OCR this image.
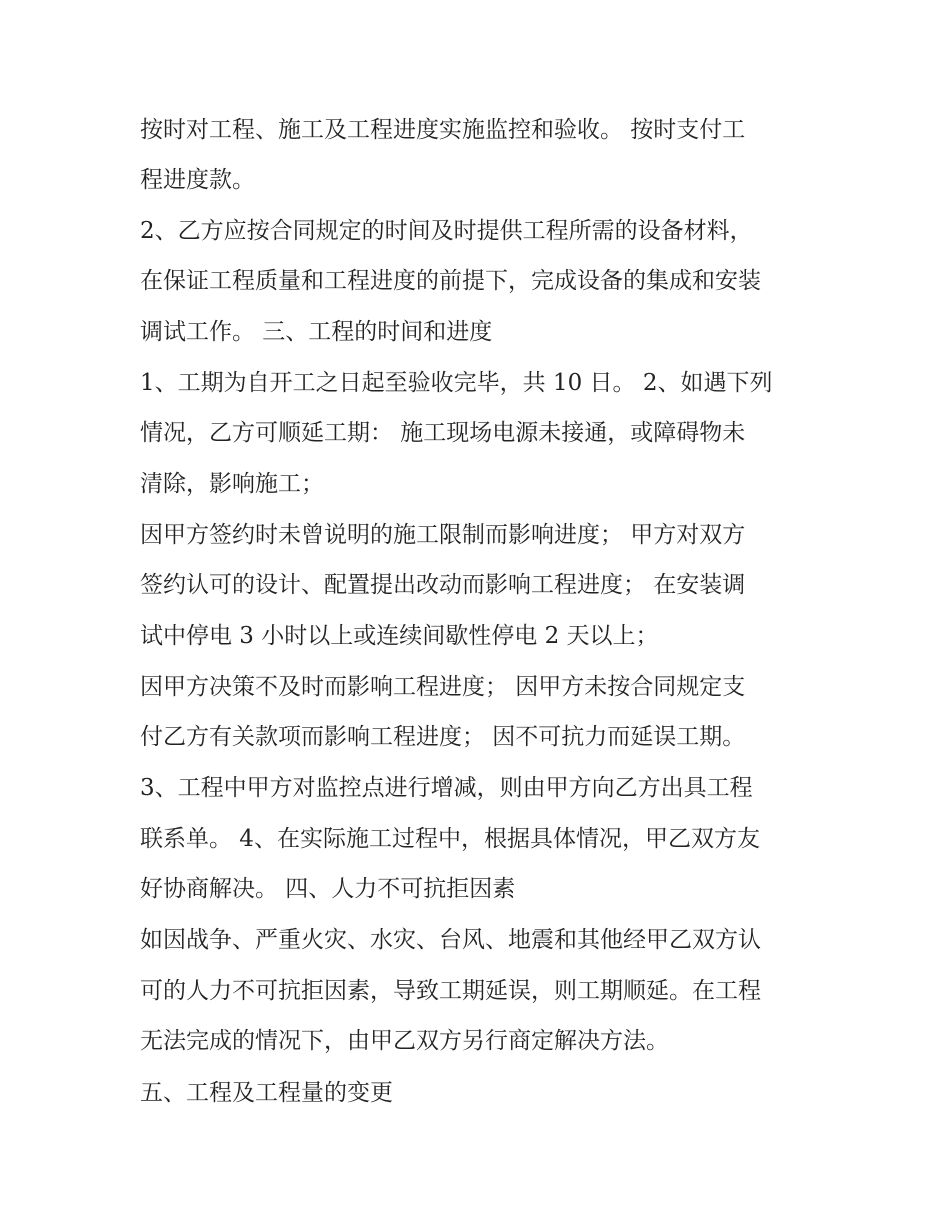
按时对工程、施工及工程进度实施监控和验收。 按时支付工
程进度款。
2、乙方应按合同规定的时间及时提供工程所需的设备材料，
在保证工程质量和工程进度的前提下，完成设备的集成和安装
调试工作。 三、工程的时间和进度
1、工期为自开工之日起至验收完毕，共 10 日。 2、如遇下列
情况，乙方可顺延工期： 施工现场电源未接通，或障碍物未
清除，影响施工；
因甲方签约时未曾说明的施工限制而影响进度； 甲方对双方
签约认可的设计、配置提出改动而影响工程进度； 在安装调
试中停电 3 小时以上或连续间歇性停电 2 天以上；
因甲方决策不及时而影响工程进度； 因甲方未按合同规定支
付乙方有关款项而影响工程进度； 因不可抗力而延误工期。
3、工程中甲方对监控点进行增减，则由甲方向乙方出具工程
联系单。 4、在实际施工过程中，根据具体情况，甲乙双方友
好协商解决。 四、人力不可抗拒因素
如因战争、严重火灾、水灾、台风、地震和其他经甲乙双方认
可的人力不可抗拒因素，导致工期延误，则工期顺延。在工程
无法完成的情况下，由甲乙双方另行商定解决方法。
五、工程及工程量的变更
